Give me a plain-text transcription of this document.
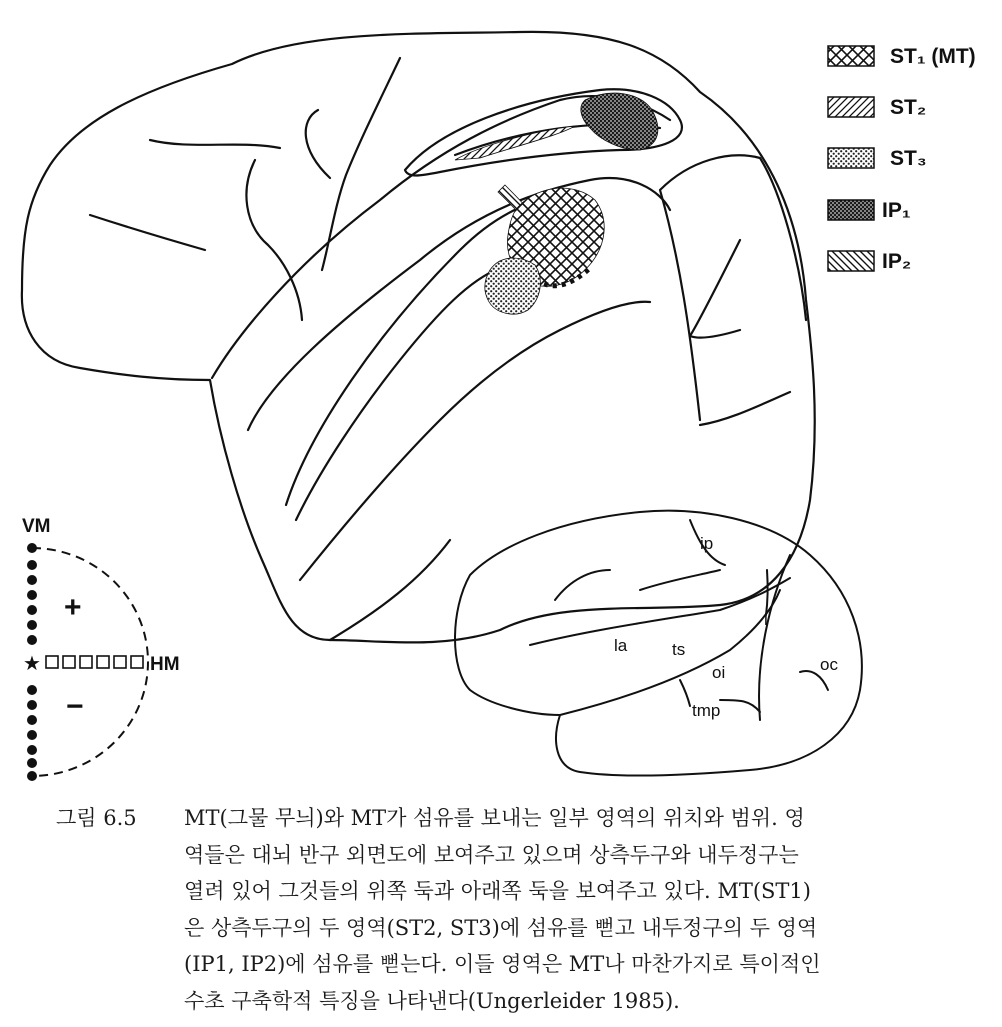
ST₁ (MT)
ST₂
ST₃
IP₁
IP₂
VM
★	HM
+
−
ip
la	ts
l
oi	oc
tmp
그림 6.5 MT(그물 무늬)와 MT가 섬유를 보내는 일부 영역의 위치와 범위. 영
역들은 대뇌 반구 외면도에 보여주고 있으며 상측두구와 내두정구는
열려 있어 그것들의 위쪽 둑과 아래쪽 둑을 보여주고 있다. MT(ST1)
은 상측두구의 두 영역(ST2, ST3)에 섬유를 뻗고 내두정구의 두 영역
(IP1, IP2)에 섬유를 뻗는다. 이들 영역은 MT나 마찬가지로 특이적인
수초 구축학적 특징을 나타낸다(Ungerleider 1985).
